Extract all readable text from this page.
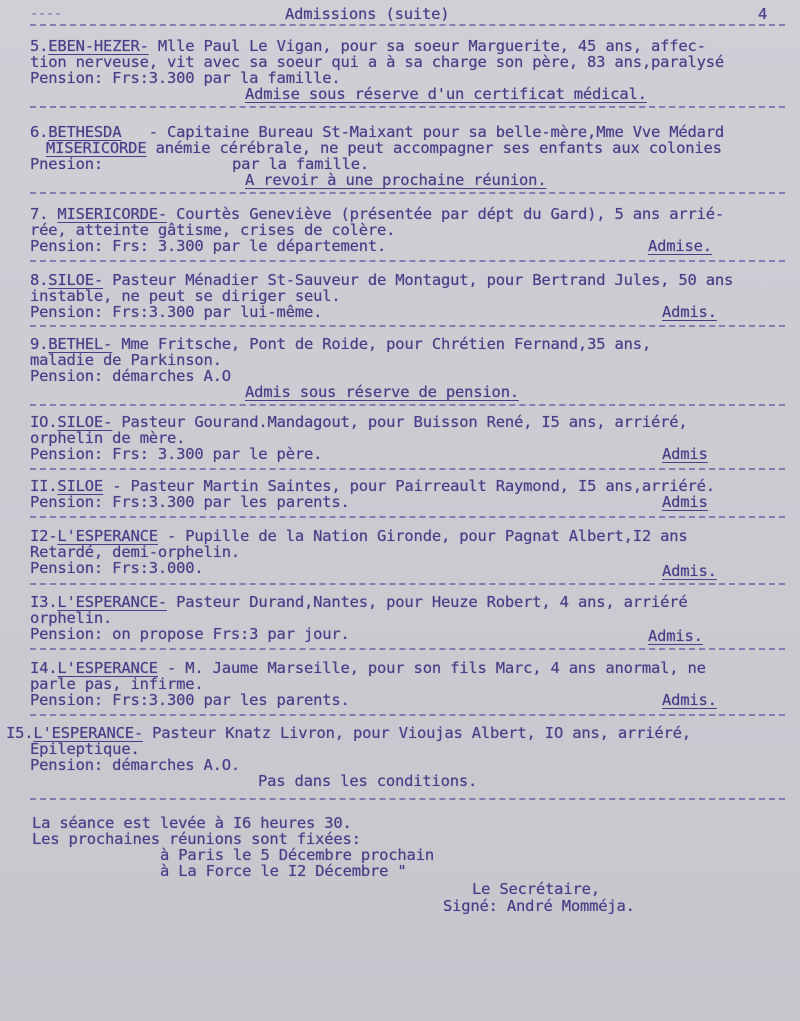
----	Admissions (suite)	4
5.EBEN-HEZER- Mlle Paul Le Vigan, pour sa soeur Marguerite, 45 ans, affec-
tion nerveuse, vit avec sa soeur qui a à sa charge son père, 83 ans,paralysé
Pension: Frs:3.300 par la famille.
Admise sous réserve d'un certificat médical.
6.BETHESDA - Capitaine Bureau St-Maixant pour sa belle-mère,Mme Vve Médard
MISERICORDE anémie cérébrale, ne peut accompagner ses enfants aux colonies
Pnesion:	par la famille.
A revoir à une prochaine réunion.
7. MISERICORDE- Courtès Geneviève (présentée par dépt du Gard), 5 ans arrié-
rée, atteinte gâtisme, crises de colère.
Pension: Frs: 3.300 par le département.	Admise.
8.SILOE- Pasteur Ménadier St-Sauveur de Montagut, pour Bertrand Jules, 50 ans
instable, ne peut se diriger seul.
Pension: Frs:3.300 par lui-même.	Admis.
9.BETHEL- Mme Fritsche, Pont de Roide, pour Chrétien Fernand,35 ans,
maladie de Parkinson.
Pension: démarches A.O
Admis sous réserve de pension.
IO.SILOE- Pasteur Gourand.Mandagout, pour Buisson René, I5 ans, arriéré,
orphelin de mère.
Pension: Frs: 3.300 par le père.	Admis
II.SILOE - Pasteur Martin Saintes, pour Pairreault Raymond, I5 ans,arriéré.
Pension: Frs:3.300 par les parents.	Admis
I2-L'ESPERANCE - Pupille de la Nation Gironde, pour Pagnat Albert,I2 ans
Retardé, demi-orphelin.
Pension: Frs:3.000.	Admis.
I3.L'ESPERANCE- Pasteur Durand,Nantes, pour Heuze Robert, 4 ans, arriéré
orphelin.
Pension: on propose Frs:3 par jour.	Admis.
I4.L'ESPERANCE - M. Jaume Marseille, pour son fils Marc, 4 ans anormal, ne
parle pas, infirme.
Pension: Frs:3.300 par les parents.	Admis.
I5.L'ESPERANCE- Pasteur Knatz Livron, pour Vioujas Albert, IO ans, arriéré,
Epileptique.
Pension: démarches A.O.
Pas dans les conditions.
La séance est levée à I6 heures 30.
Les prochaines réunions sont fixées:
à Paris le 5 Décembre prochain
à La Force le I2 Décembre "
Le Secrétaire,
Signé: André Momméja.
